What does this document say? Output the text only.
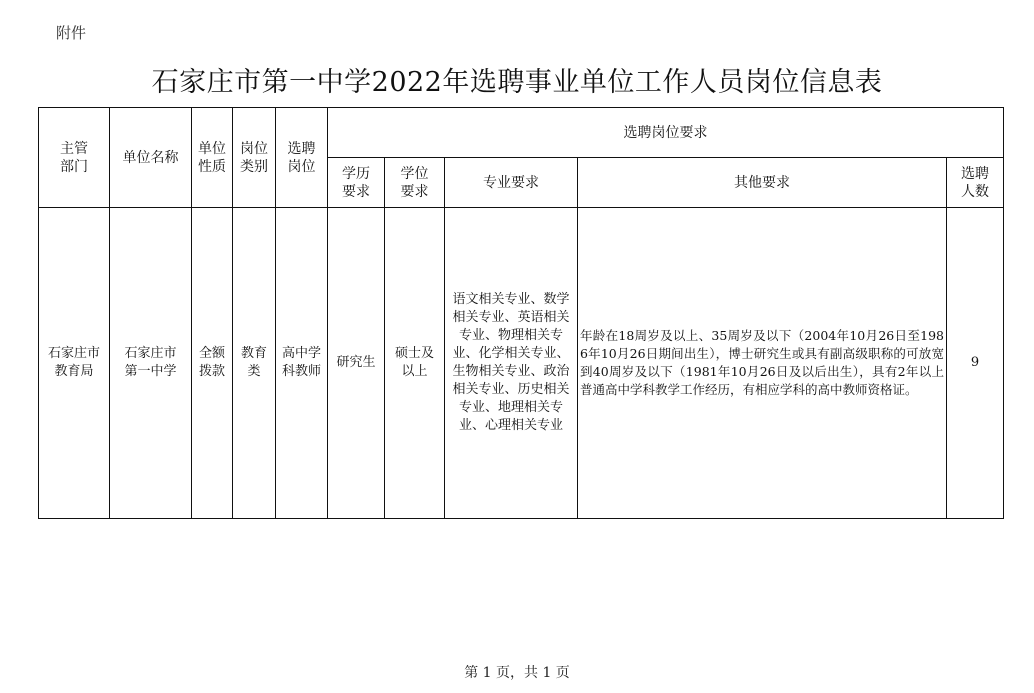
附件
石家庄市第一中学2022年选聘事业单位工作人员岗位信息表
主管部门	单位名称	单位性质	岗位类别	选聘岗位	选聘岗位要求				
					学历要求	学位要求	专业要求	其他要求	选聘人数
石家庄市教育局	石家庄市第一中学	全额拨款	教育类	高中学科教师	研究生	硕士及以上	语文相关专业、数学相关专业、英语相关专业、物理相关专业、化学相关专业、生物相关专业、政治相关专业、历史相关专业、地理相关专业、心理相关专业	年龄在18周岁及以上、35周岁及以下（2004年10月26日至1986年10月26日期间出生），博士研究生或具有副高级职称的可放宽到40周岁及以下（1981年10月26日及以后出生），具有2年以上普通高中学科教学工作经历，有相应学科的高中教师资格证。	9
第 1 页，共 1 页
